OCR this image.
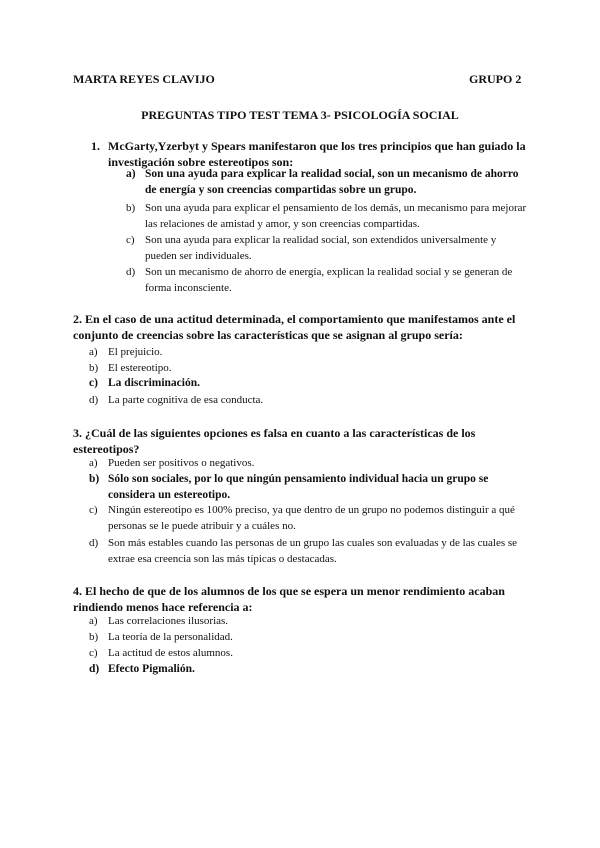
MARTA REYES CLAVIJO	GRUPO 2
PREGUNTAS TIPO TEST TEMA 3- PSICOLOGÍA SOCIAL
1. McGarty,Yzerbyt y Spears manifestaron que los tres principios que han guiado la investigación sobre estereotipos son:
a) Son una ayuda para explicar la realidad social, son un mecanismo de ahorro de energía y son creencias compartidas sobre un grupo.
b) Son una ayuda para explicar el pensamiento de los demás, un mecanismo para mejorar las relaciones de amistad y amor, y son creencias compartidas.
c) Son una ayuda para explicar la realidad social, son extendidos universalmente y pueden ser individuales.
d) Son un mecanismo de ahorro de energía, explican la realidad social y se generan de forma inconsciente.
2. En el caso de una actitud determinada, el comportamiento que manifestamos ante el conjunto de creencias sobre las características que se asignan al grupo sería:
a) El prejuicio.
b) El estereotipo.
c) La discriminación.
d) La parte cognitiva de esa conducta.
3. ¿Cuál de las siguientes opciones es falsa en cuanto a las características de los estereotipos?
a) Pueden ser positivos o negativos.
b) Sólo son sociales, por lo que ningún pensamiento individual hacia un grupo se considera un estereotipo.
c) Ningún estereotipo es 100% preciso, ya que dentro de un grupo no podemos distinguir a qué personas se le puede atribuir y a cuáles no.
d) Son más estables cuando las personas de un grupo las cuales son evaluadas y de las cuales se extrae esa creencia son las más típicas o destacadas.
4. El hecho de que de los alumnos de los que se espera un menor rendimiento acaban rindiendo menos hace referencia a:
a) Las correlaciones ilusorias.
b) La teoría de la personalidad.
c) La actitud de estos alumnos.
d) Efecto Pigmalión.
